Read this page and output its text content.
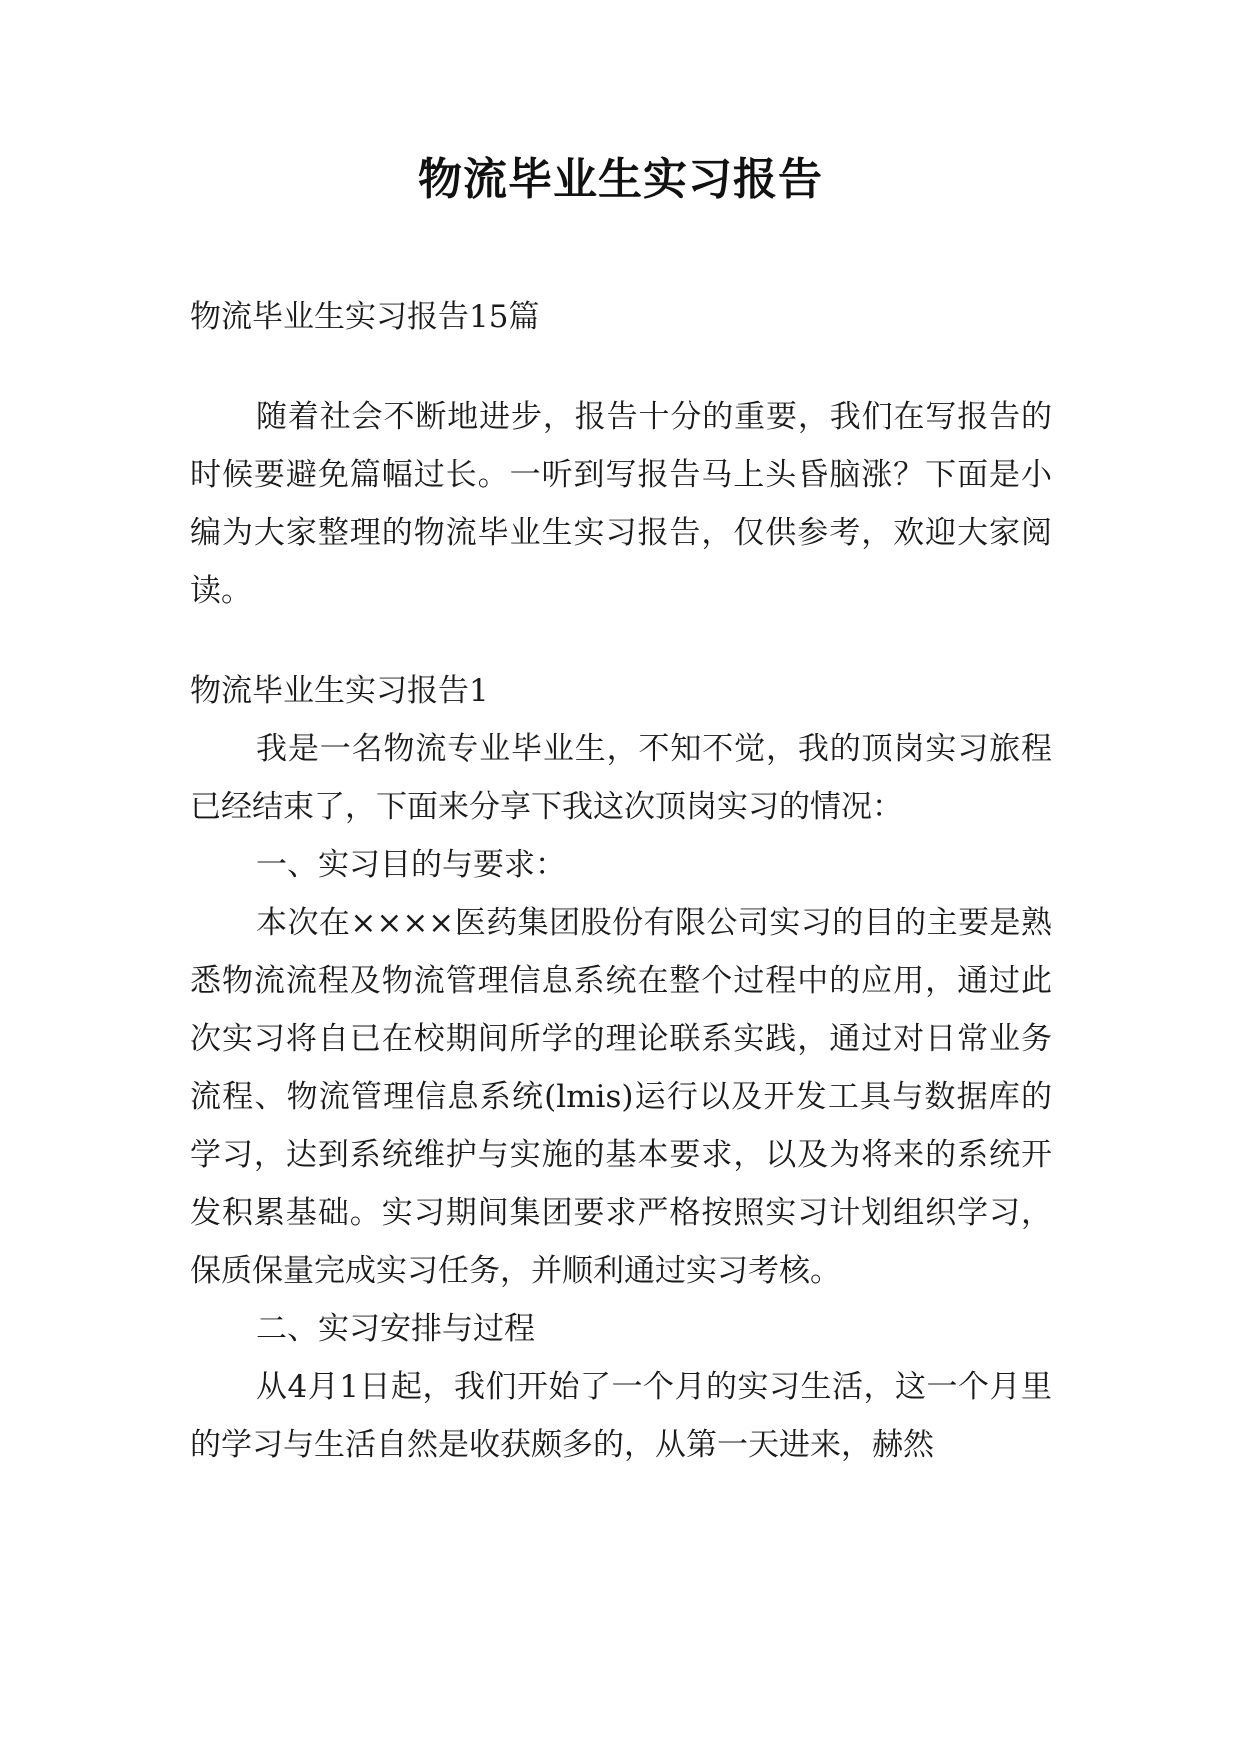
物流毕业生实习报告

物流毕业生实习报告15篇

随着社会不断地进步，报告十分的重要，我们在写报告的时候要避免篇幅过长。一听到写报告马上头昏脑涨？下面是小编为大家整理的物流毕业生实习报告，仅供参考，欢迎大家阅读。

物流毕业生实习报告1

我是一名物流专业毕业生，不知不觉，我的顶岗实习旅程已经结束了，下面来分享下我这次顶岗实习的情况：

一、实习目的与要求：

本次在××××医药集团股份有限公司实习的目的主要是熟悉物流流程及物流管理信息系统在整个过程中的应用，通过此次实习将自已在校期间所学的理论联系实践，通过对日常业务流程、物流管理信息系统(lmis)运行以及开发工具与数据库的学习，达到系统维护与实施的基本要求，以及为将来的系统开发积累基础。实习期间集团要求严格按照实习计划组织学习，保质保量完成实习任务，并顺利通过实习考核。

二、实习安排与过程

从4月1日起，我们开始了一个月的实习生活，这一个月里的学习与生活自然是收获颇多的，从第一天进来，赫然
